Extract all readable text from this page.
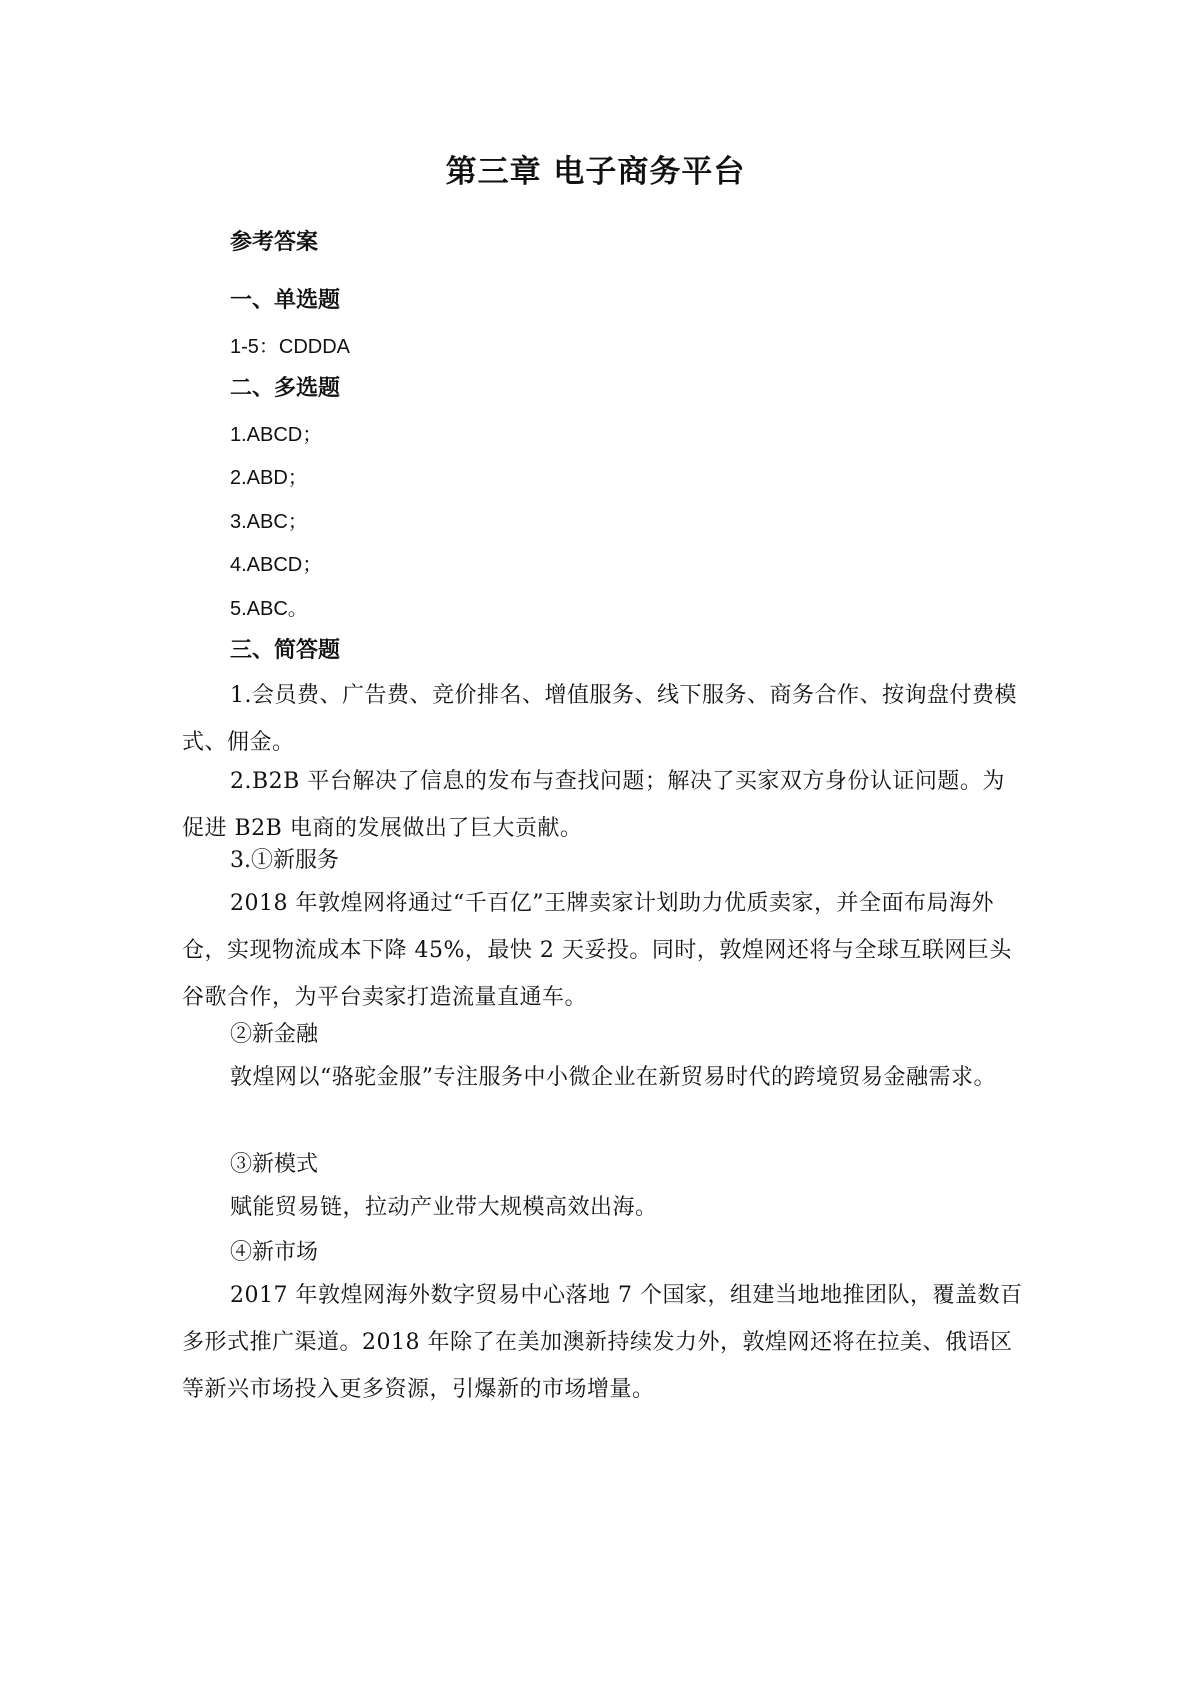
第三章 电子商务平台
参考答案
一、单选题
1-5：CDDDA
二、多选题
1.ABCD；
2.ABD；
3.ABC；
4.ABCD；
5.ABC。
三、简答题

1.会员费、广告费、竞价排名、增值服务、线下服务、商务合作、按询盘付费模式、佣金。

2.B2B 平台解决了信息的发布与查找问题；解决了买家双方身份认证问题。为促进 B2B 电商的发展做出了巨大贡献。

3.①新服务

2018 年敦煌网将通过“千百亿”王牌卖家计划助力优质卖家，并全面布局海外仓，实现物流成本下降 45%，最快 2 天妥投。同时，敦煌网还将与全球互联网巨头谷歌合作，为平台卖家打造流量直通车。

②新金融

敦煌网以“骆驼金服”专注服务中小微企业在新贸易时代的跨境贸易金融需求。

③新模式

赋能贸易链，拉动产业带大规模高效出海。

④新市场

2017 年敦煌网海外数字贸易中心落地 7 个国家，组建当地地推团队，覆盖数百多形式推广渠道。2018 年除了在美加澳新持续发力外，敦煌网还将在拉美、俄语区等新兴市场投入更多资源，引爆新的市场增量。
